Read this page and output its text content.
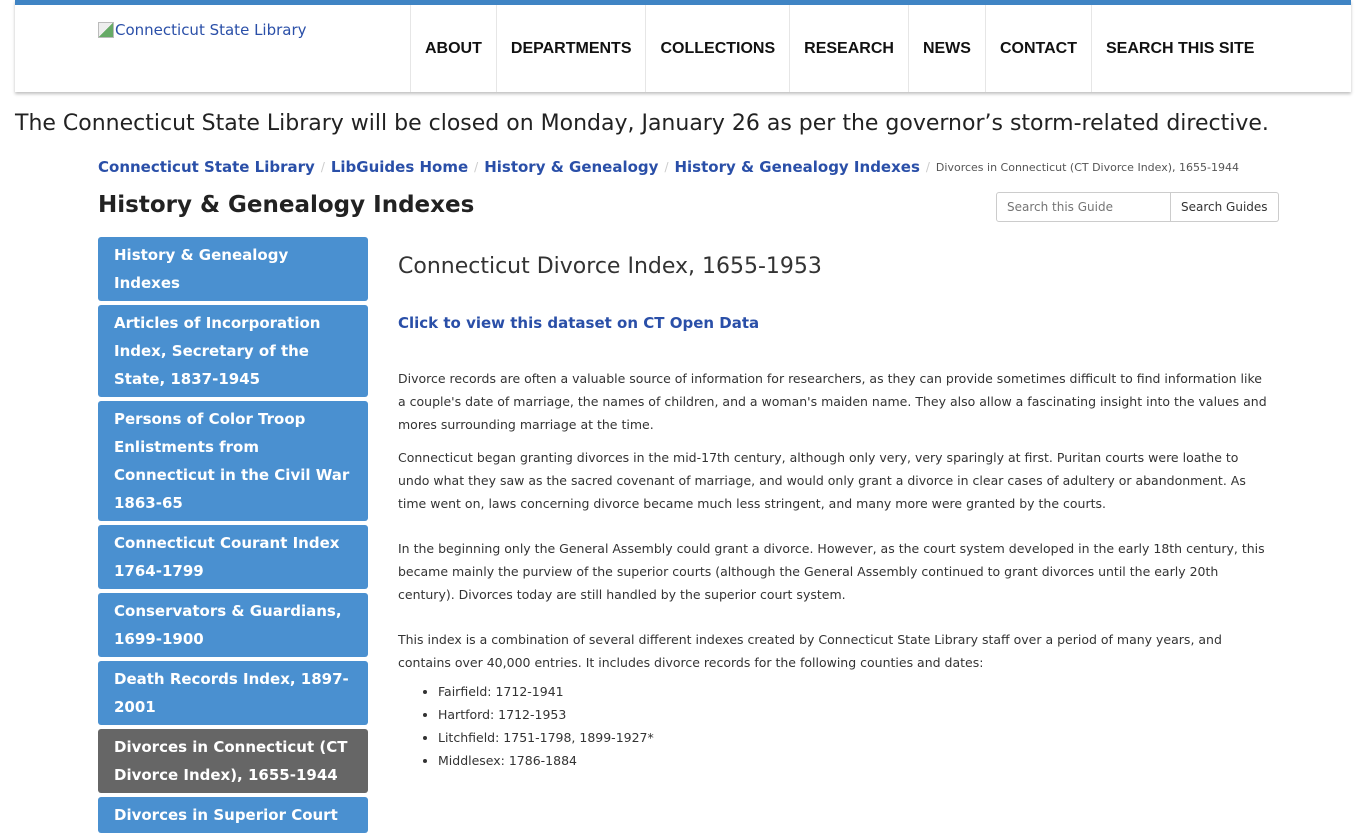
Connecticut State Library
ABOUT	DEPARTMENTS	COLLECTIONS	RESEARCH	NEWS	CONTACT	SEARCH THIS SITE
The Connecticut State Library will be closed on Monday, January 26 as per the governor’s storm-related directive.
Connecticut State Library / LibGuides Home / History & Genealogy / History & Genealogy Indexes / Divorces in Connecticut (CT Divorce Index), 1655-1944
History & Genealogy Indexes
Search this Guide	Search Guides
History & Genealogy Indexes
Articles of Incorporation Index, Secretary of the State, 1837-1945
Persons of Color Troop Enlistments from Connecticut in the Civil War 1863-65
Connecticut Courant Index 1764-1799
Conservators & Guardians, 1699-1900
Death Records Index, 1897-2001
Divorces in Connecticut (CT Divorce Index), 1655-1944
Divorces in Superior Court
Connecticut Divorce Index, 1655-1953
Click to view this dataset on CT Open Data

Divorce records are often a valuable source of information for researchers, as they can provide sometimes difficult to find information like a couple's date of marriage, the names of children, and a woman's maiden name. They also allow a fascinating insight into the values and mores surrounding marriage at the time.

Connecticut began granting divorces in the mid-17th century, although only very, very sparingly at first. Puritan courts were loathe to undo what they saw as the sacred covenant of marriage, and would only grant a divorce in clear cases of adultery or abandonment. As time went on, laws concerning divorce became much less stringent, and many more were granted by the courts.

In the beginning only the General Assembly could grant a divorce. However, as the court system developed in the early 18th century, this became mainly the purview of the superior courts (although the General Assembly continued to grant divorces until the early 20th century). Divorces today are still handled by the superior court system.

This index is a combination of several different indexes created by Connecticut State Library staff over a period of many years, and contains over 40,000 entries. It includes divorce records for the following counties and dates:

• Fairfield: 1712-1941
• Hartford: 1712-1953
• Litchfield: 1751-1798, 1899-1927*
• Middlesex: 1786-1884
